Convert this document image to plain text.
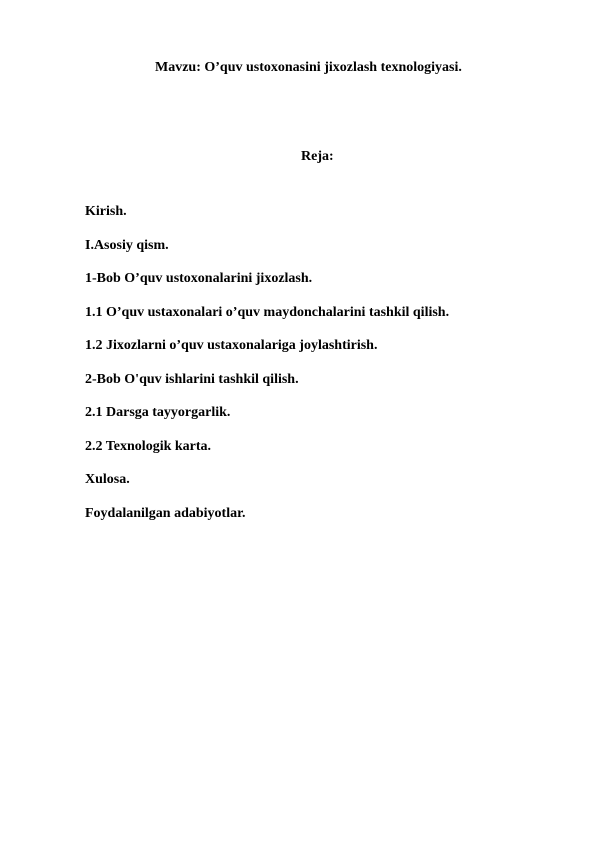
Mavzu: O’quv ustoxonasini jixozlash texnologiyasi.
Reja:
Kirish.
I.Asosiy qism.
1-Bob O’quv ustoxonalarini jixozlash.
1.1 O’quv ustaxonalari o’quv maydonchalarini tashkil qilish.
1.2 Jixozlarni o’quv ustaxonalariga joylashtirish.
2-Bob O'quv ishlarini tashkil qilish.
2.1 Darsga tayyorgarlik.
2.2 Texnologik karta.
Xulosa.
Foydalanilgan adabiyotlar.
